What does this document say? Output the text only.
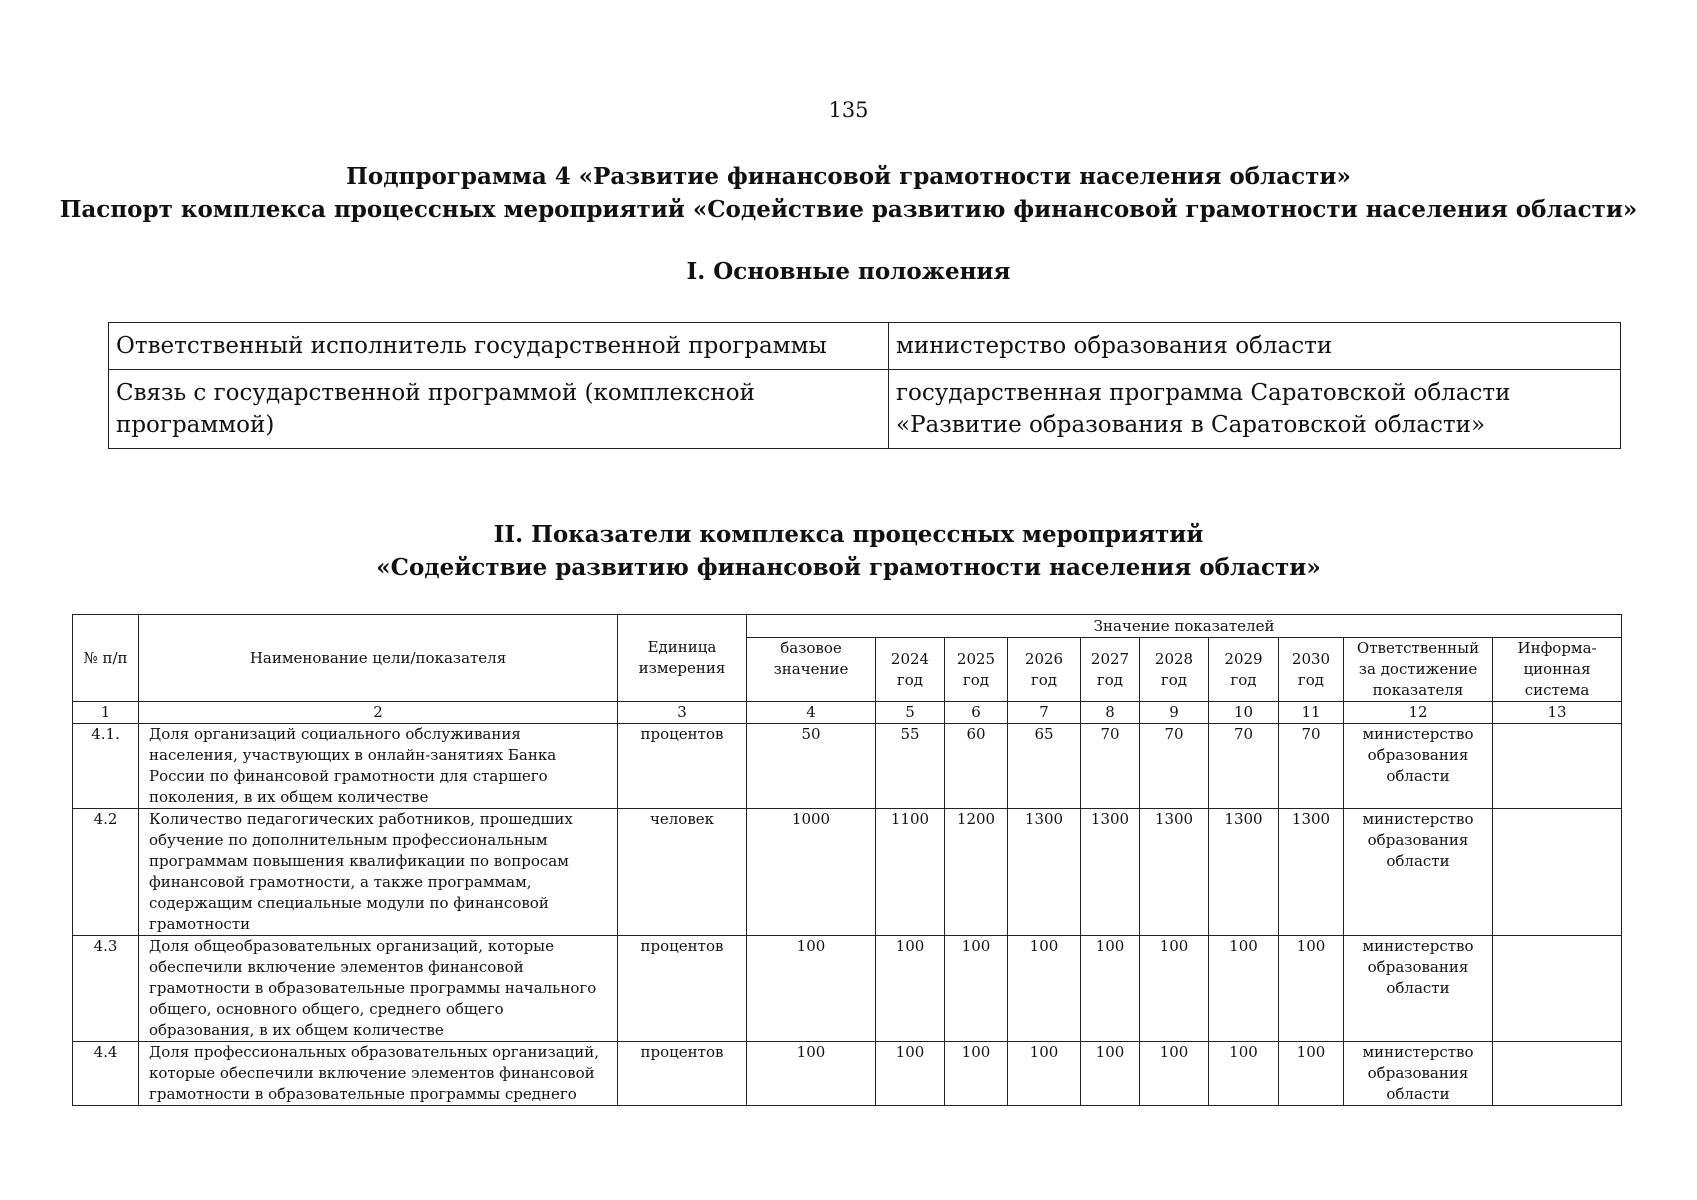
135
Подпрограмма 4 «Развитие финансовой грамотности населения области»
Паспорт комплекса процессных мероприятий «Содействие развитию финансовой грамотности населения области»
I. Основные положения
Ответственный исполнитель государственной программы	министерство образования области
Связь с государственной программой (комплексной программой)	государственная программа Саратовской области «Развитие образования в Саратовской области»
II. Показатели комплекса процессных мероприятий
«Содействие развитию финансовой грамотности населения области»
№ п/п	Наименование цели/показателя	Единица измерения	Значение показателей									
			базовое значение	2024 год	2025 год	2026 год	2027 год	2028 год	2029 год	2030 год	Ответственный за достижение показателя	Информа-ционная система
1	2	3	4	5	6	7	8	9	10	11	12	13
4.1.	Доля организаций социального обслуживания населения, участвующих в онлайн-занятиях Банка России по финансовой грамотности для старшего поколения, в их общем количестве	процентов	50	55	60	65	70	70	70	70	министерство образования области	
4.2	Количество педагогических работников, прошедших обучение по дополнительным профессиональным программам повышения квалификации по вопросам финансовой грамотности, а также программам, содержащим специальные модули по финансовой грамотности	человек	1000	1100	1200	1300	1300	1300	1300	1300	министерство образования области	
4.3	Доля общеобразовательных организаций, которые обеспечили включение элементов финансовой грамотности в образовательные программы начального общего, основного общего, среднего общего образования, в их общем количестве	процентов	100	100	100	100	100	100	100	100	министерство образования области	
4.4	Доля профессиональных образовательных организаций, которые обеспечили включение элементов финансовой грамотности в образовательные программы среднего	процентов	100	100	100	100	100	100	100	100	министерство образования области	
